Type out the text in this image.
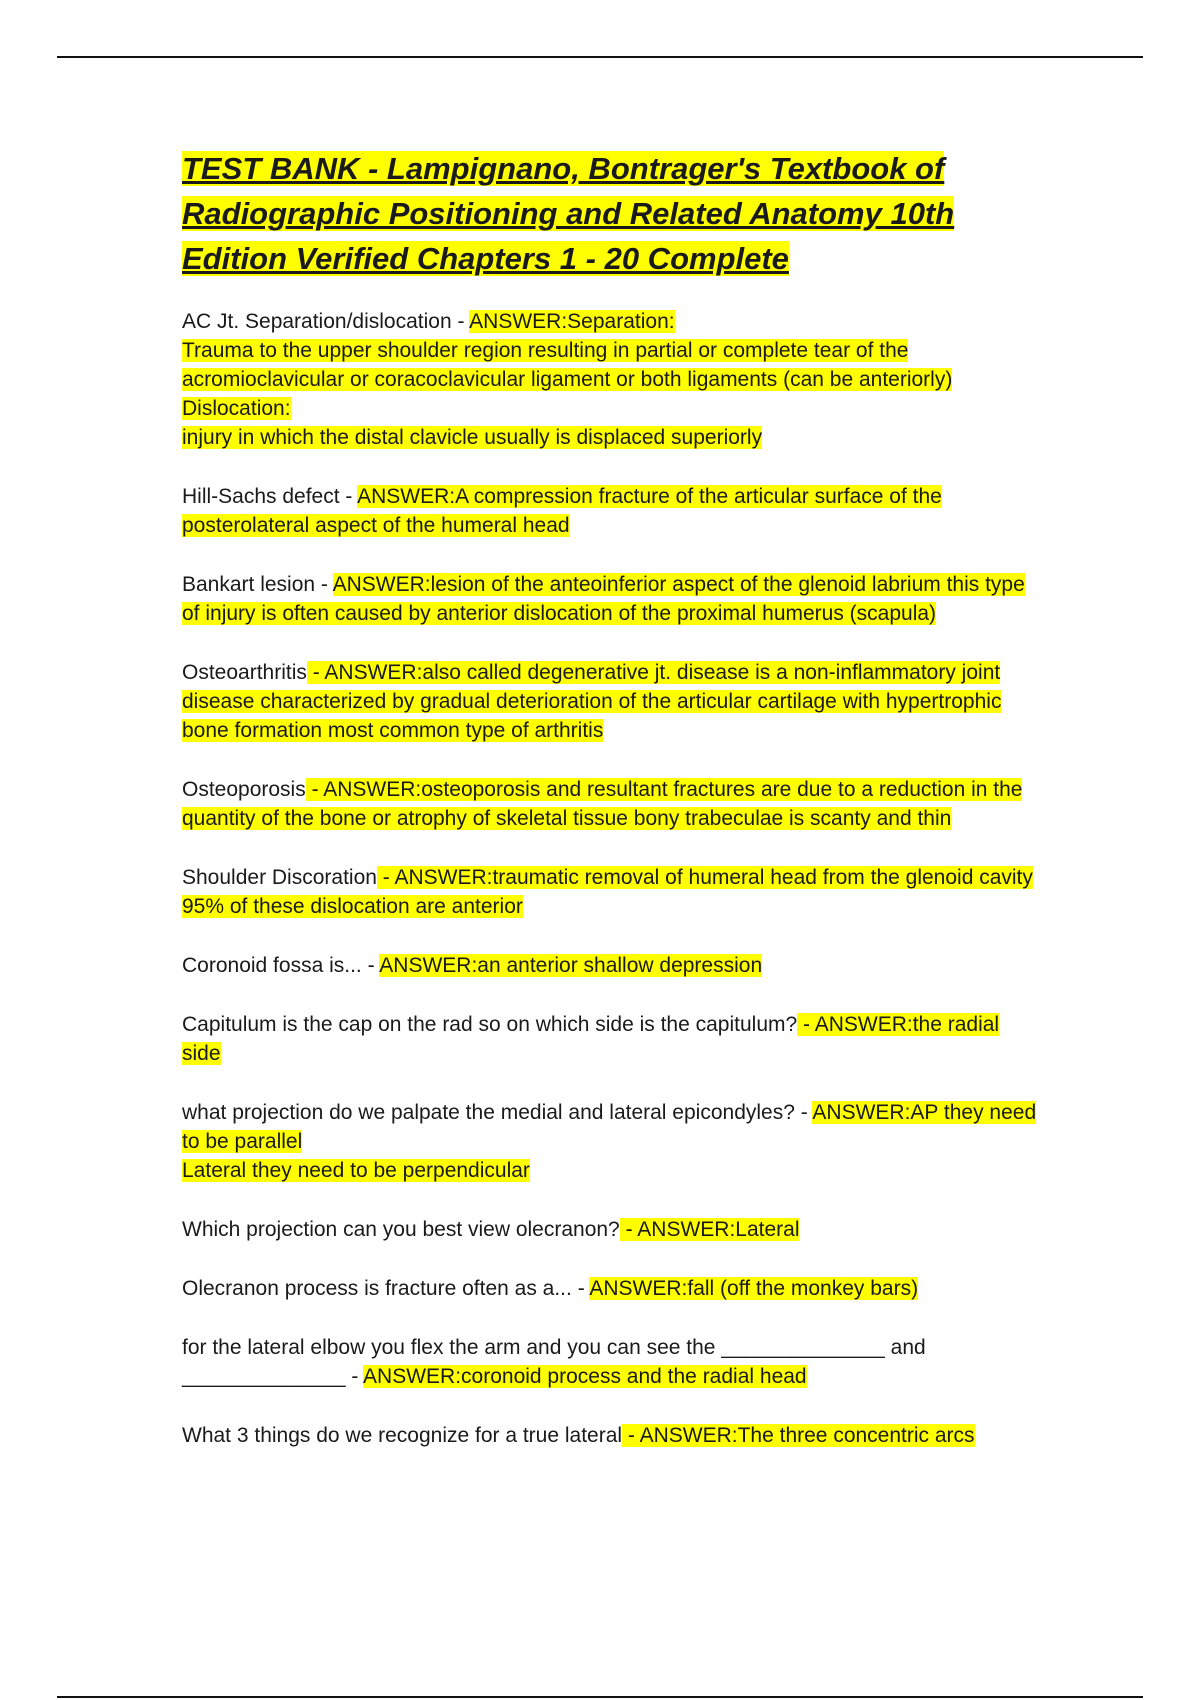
TEST BANK - Lampignano, Bontrager's Textbook of Radiographic Positioning and Related Anatomy 10th Edition Verified Chapters 1 - 20 Complete

AC Jt. Separation/dislocation - ANSWER:Separation:
Trauma to the upper shoulder region resulting in partial or complete tear of the acromioclavicular or coracoclavicular ligament or both ligaments (can be anteriorly)
Dislocation:
injury in which the distal clavicle usually is displaced superiorly

Hill-Sachs defect - ANSWER:A compression fracture of the articular surface of the posterolateral aspect of the humeral head

Bankart lesion - ANSWER:lesion of the anteoinferior aspect of the glenoid labrium this type of injury is often caused by anterior dislocation of the proximal humerus (scapula)

Osteoarthritis - ANSWER:also called degenerative jt. disease is a non-inflammatory joint disease characterized by gradual deterioration of the articular cartilage with hypertrophic bone formation most common type of arthritis

Osteoporosis - ANSWER:osteoporosis and resultant fractures are due to a reduction in the quantity of the bone or atrophy of skeletal tissue bony trabeculae is scanty and thin

Shoulder Discoration - ANSWER:traumatic removal of humeral head from the glenoid cavity 95% of these dislocation are anterior

Coronoid fossa is... - ANSWER:an anterior shallow depression

Capitulum is the cap on the rad so on which side is the capitulum? - ANSWER:the radial side

what projection do we palpate the medial and lateral epicondyles? - ANSWER:AP they need to be parallel
Lateral they need to be perpendicular

Which projection can you best view olecranon? - ANSWER:Lateral

Olecranon process is fracture often as a... - ANSWER:fall (off the monkey bars)

for the lateral elbow you flex the arm and you can see the ______________ and ______________ - ANSWER:coronoid process and the radial head

What 3 things do we recognize for a true lateral - ANSWER:The three concentric arcs
